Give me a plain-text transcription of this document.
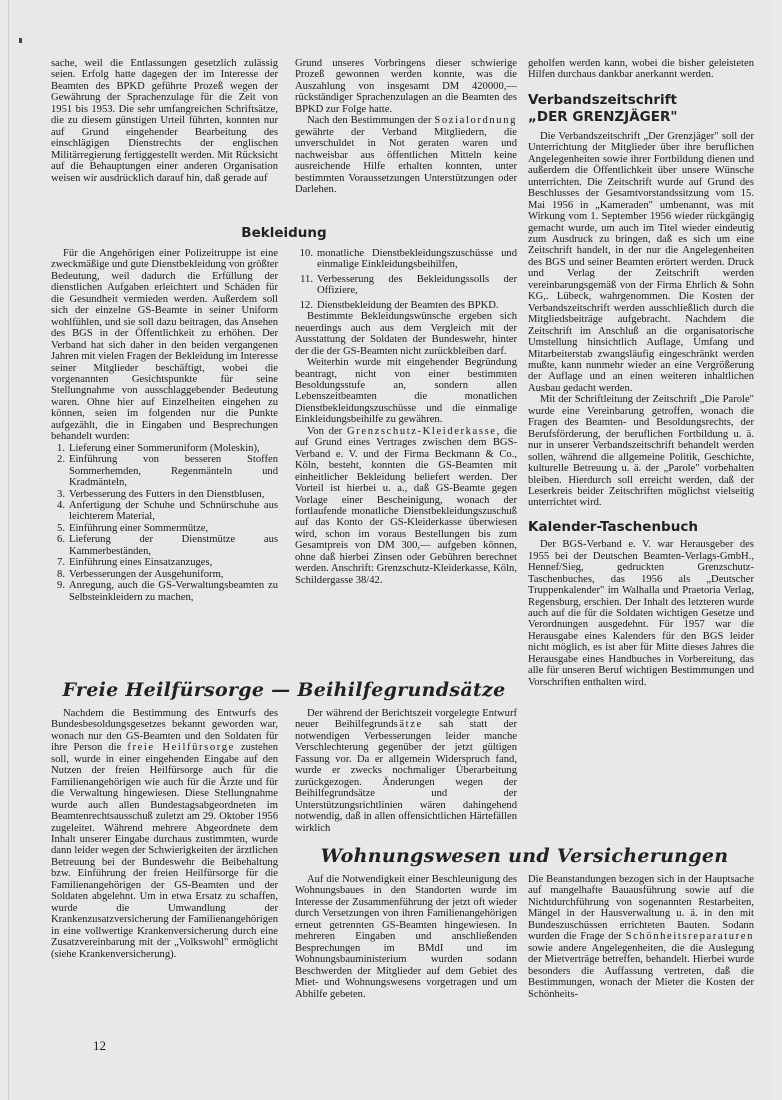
sache, weil die Entlassungen gesetzlich zulässig seien. Erfolg hatte dagegen der im Interesse der Beamten des BPKD geführte Prozeß wegen der Gewährung der Sprachenzulage für die Zeit von 1951 bis 1953. Die sehr umfangreichen Schriftsätze, die zu diesem günstigen Urteil führten, konnten nur auf Grund eingehender Bearbeitung des einschlägigen Dienstrechts der englischen Militärregierung fertiggestellt werden. Mit Rücksicht auf die Behauptungen einer anderen Organisation weisen wir ausdrücklich darauf hin, daß gerade auf

Grund unseres Vorbringens dieser schwierige Prozeß gewonnen werden konnte, was die Auszahlung von insgesamt DM 420000,— rückständiger Sprachenzulagen an die Beamten des BPKD zur Folge hatte.

Nach den Bestimmungen der Sozialordnung gewährte der Verband Mitgliedern, die unverschuldet in Not geraten waren und nachweisbar aus öffentlichen Mitteln keine ausreichende Hilfe erhalten konnten, unter bestimmten Voraussetzungen Unterstützungen oder Darlehen.

geholfen werden kann, wobei die bisher geleisteten Hilfen durchaus dankbar anerkannt werden.

Verbandszeitschrift
„DER GRENZJÄGER"

Die Verbandszeitschrift „Der Grenzjäger" soll der Unterrichtung der Mitglieder über ihre beruflichen Angelegenheiten sowie ihrer Fortbildung dienen und außerdem die Öffentlichkeit über unsere Wünsche unterrichten. Die Zeitschrift wurde auf Grund des Beschlusses der Gesamtvorstandssitzung vom 15. Mai 1956 in „Kameraden" umbenannt, was mit Wirkung vom 1. September 1956 wieder rückgängig gemacht wurde, um auch im Titel wieder eindeutig zum Ausdruck zu bringen, daß es sich um eine Zeitschrift handelt, in der nur die Angelegenheiten des BGS und seiner Beamten erörtert werden. Druck und Verlag der Zeitschrift werden vereinbarungsgemäß von der Firma Ehrlich & Sohn KG,. Lübeck, wahrgenommen. Die Kosten der Verbandszeitschrift werden ausschließlich durch die Mitgliedsbeiträge aufgebracht. Nachdem die Zeitschrift im Anschluß an die organisatorische Umstellung hinsichtlich Auflage, Umfang und Mitarbeiterstab zwangsläufig eingeschränkt werden mußte, kann nunmehr wieder an eine Vergrößerung der Auflage und an einen weiteren inhaltlichen Ausbau gedacht werden.

Mit der Schriftleitung der Zeitschrift „Die Parole" wurde eine Vereinbarung getroffen, wonach die Fragen des Beamten- und Besoldungsrechts, der Berufsförderung, der beruflichen Fortbildung u. ä. nur in unserer Verbandszeitschrift behandelt werden sollen, während die allgemeine Politik, Geschichte, kulturelle Betreuung u. ä. der „Parole" vorbehalten bleiben. Hierdurch soll erreicht werden, daß der Leserkreis beider Zeitschriften möglichst vielseitig unterrichtet wird.

Kalender-Taschenbuch

Der BGS-Verband e. V. war Herausgeber des 1955 bei der Deutschen Beamten-Verlags-GmbH., Hennef/Sieg, gedruckten Grenzschutz-Taschenbuches, das 1956 als „Deutscher Truppenkalender" im Walhalla und Praetoria Verlag, Regensburg, erschien. Der Inhalt des letzteren wurde auch auf die für die Soldaten wichtigen Gesetze und Verordnungen ausgedehnt. Für 1957 war die Herausgabe eines Kalenders für den BGS leider nicht möglich, es ist aber für Mitte dieses Jahres die Herausgabe eines Handbuches in Vorbereitung, das alle für unseren Beruf wichtigen Bestimmungen und Vorschriften enthalten wird.

Bekleidung

Für die Angehörigen einer Polizeitruppe ist eine zweckmäßige und gute Dienstbekleidung von größter Bedeutung, weil dadurch die Erfüllung der dienstlichen Aufgaben erleichtert und Schäden für die Gesundheit vermieden werden. Außerdem soll sich der einzelne GS-Beamte in seiner Uniform wohlfühlen, und sie soll dazu beitragen, das Ansehen des BGS in der Öffentlichkeit zu erhöhen. Der Verband hat sich daher in den beiden vergangenen Jahren mit vielen Fragen der Bekleidung im Interesse seiner Mitglieder beschäftigt, wobei die vorgenannten Gesichtspunkte für seine Stellungnahme von ausschlaggebender Bedeutung waren. Ohne hier auf Einzelheiten eingehen zu können, seien im folgenden nur die Punkte aufgezählt, die in Eingaben und Besprechungen behandelt wurden:

1. Lieferung einer Sommeruniform (Moleskin),
2. Einführung von besseren Stoffen Sommerhemden, Regenmänteln und Kradmänteln,
3. Verbesserung des Futters in den Dienstblusen,
4. Anfertigung der Schuhe und Schnürschuhe aus leichterem Material,
5. Einführung einer Sommermütze,
6. Lieferung der Dienstmütze aus Kammerbeständen,
7. Einführung eines Einsatzanzuges,
8. Verbesserungen der Ausgehuniform,
9. Anregung, auch die GS-Verwaltungsbeamten zu Selbsteinkleidern zu machen,
10. monatliche Dienstbekleidungszuschüsse und einmalige Einkleidungsbeihilfen,
11. Verbesserung des Bekleidungssolls der Offiziere,
12. Dienstbekleidung der Beamten des BPKD.

Bestimmte Bekleidungswünsche ergeben sich neuerdings auch aus dem Vergleich mit der Ausstattung der Soldaten der Bundeswehr, hinter der die der GS-Beamten nicht zurückbleiben darf.

Weiterhin wurde mit eingehender Begründung beantragt, nicht von einer bestimmten Besoldungsstufe an, sondern allen Lebenszeitbeamten die monatlichen Dienstbekleidungszuschüsse und die einmalige Einkleidungsbeihilfe zu gewähren.

Von der Grenzschutz-Kleiderkasse, die auf Grund eines Vertrages zwischen dem BGS-Verband e. V. und der Firma Beckmann & Co., Köln, besteht, konnten die GS-Beamten mit einheitlicher Bekleidung beliefert werden. Der Vorteil ist hierbei u. a., daß GS-Beamte gegen Vorlage einer Bescheinigung, wonach der fortlaufende monatliche Dienstbekleidungszuschuß auf das Konto der GS-Kleiderkasse überwiesen wird, schon im voraus Bestellungen bis zum Gesamtpreis von DM 300,— aufgeben können, ohne daß hierbei Zinsen oder Gebühren berechnet werden. Anschrift: Grenzschutz-Kleiderkasse, Köln, Schildergasse 38/42.

Freie Heilfürsorge — Beihilfegrundsätze

Nachdem die Bestimmung des Entwurfs des Bundesbesoldungsgesetzes bekannt geworden war, wonach nur den GS-Beamten und den Soldaten für ihre Person die freie Heilfürsorge zustehen soll, wurde in einer eingehenden Eingabe auf den Nutzen der freien Heilfürsorge auch für die Familienangehörigen wie auch für die Ärzte und für die Verwaltung hingewiesen. Diese Stellungnahme wurde auch allen Bundestagsabgeordneten im Beamtenrechtsausschuß zuletzt am 29. Oktober 1956 zugeleitet. Während mehrere Abgeordnete dem Inhalt unserer Eingabe durchaus zustimmten, wurde dann leider wegen der Schwierigkeiten der ärztlichen Betreuung bei der Bundeswehr die Beibehaltung bzw. Einführung der freien Heilfürsorge für die Familienangehörigen der GS-Beamten und der Soldaten abgelehnt. Um in etwa Ersatz zu schaffen, wurde die Umwandlung der Krankenzusatzversicherung der Familienangehörigen in eine vollwertige Krankenversicherung durch eine Zusatzvereinbarung mit der „Volkswohl" ermöglicht (siehe Krankenversicherung).

Der während der Berichtszeit vorgelegte Entwurf neuer Beihilfegrundsätze sah statt der notwendigen Verbesserungen leider manche Verschlechterung gegenüber der jetzt gültigen Fassung vor. Da er allgemein Widerspruch fand, wurde er zwecks nochmaliger Überarbeitung zurückgezogen. Änderungen wegen der Beihilfegrundsätze und der Unterstützungsrichtlinien wären dahingehend notwendig, daß in allen offensichtlichen Härtefällen wirklich

Wohnungswesen und Versicherungen

Auf die Notwendigkeit einer Beschleunigung des Wohnungsbaues in den Standorten wurde im Interesse der Zusammenführung der jetzt oft wieder durch Versetzungen von ihren Familienangehörigen erneut getrennten GS-Beamten hingewiesen. In mehreren Eingaben und anschließenden Besprechungen im BMdI und im Wohnungsbauministerium wurden sodann Beschwerden der Mitglieder auf dem Gebiet des Miet- und Wohnungswesens vorgetragen und um Abhilfe gebeten.

Die Beanstandungen bezogen sich in der Hauptsache auf mangelhafte Bauausführung sowie auf die Nichtdurchführung von sogenannten Restarbeiten, Mängel in der Hausverwaltung u. ä. in den mit Bundeszuschüssen errichteten Bauten. Sodann wurden die Frage der Schönheitsreparaturen sowie andere Angelegenheiten, die die Auslegung der Mietverträge betreffen, behandelt. Hierbei wurde besonders die Auffassung vertreten, daß die Bestimmungen, wonach der Mieter die Kosten der Schönheits-

12
